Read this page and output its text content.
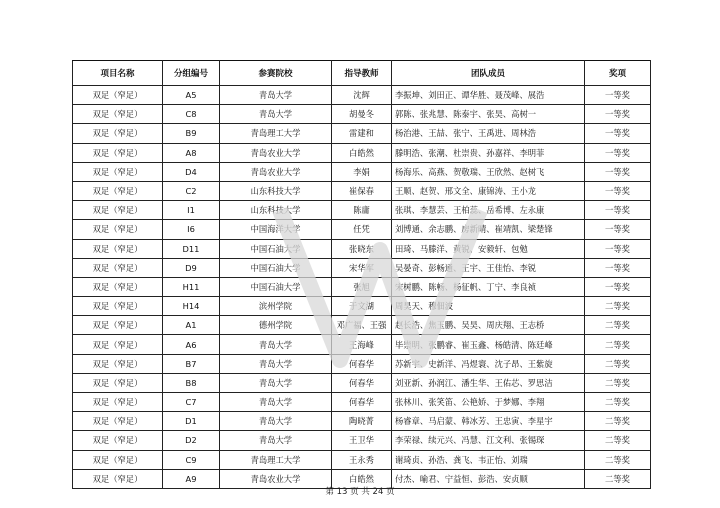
项目名称	分组编号	参赛院校	指导教师	团队成员	奖项
双足（窄足）	A5	青岛大学	沈辉	李振坤、刘田正、谭华胜、聂茂峰、展浩	一等奖
双足（窄足）	C8	青岛大学	胡曼冬	郭陈、张兆慧、陈泰宇、张昊、高树一	一等奖
双足（窄足）	B9	青岛理工大学	雷建和	杨治港、王喆、张宁、王禹进、周林浩	一等奖
双足（窄足）	A8	青岛农业大学	白皓然	滕明浩、张潮、杜崇贵、孙嘉祥、李明菲	一等奖
双足（窄足）	D4	青岛农业大学	李娟	杨海乐、高燕、贺敬瑞、王欣然、赵树飞	一等奖
双足（窄足）	C2	山东科技大学	崔保春	王顺、赵贺、邢文全、康锦涛、王小龙	一等奖
双足（窄足）	I1	山东科技大学	陈庸	张琪、李慧芸、王柏蕊、岳希博、左永康	一等奖
双足（窄足）	I6	中国海洋大学	任凭	刘博通、余志鹏、房新晴、崔靖凯、梁楚锋	一等奖
双足（窄足）	D11	中国石油大学	张晓东	田琦、马滕洋、黄锐、安毅轩、包勉	一等奖
双足（窄足）	D9	中国石油大学	宋华军	吴晏奇、彭畅通、王宇、王佳怡、李锐	一等奖
双足（窄足）	H11	中国石油大学	张旭	宋树鹏、陈畅、杨征帆、丁宁、李良祯	一等奖
双足（窄足）	H14	滨州学院	于文湖	周昊天、穆佃波	二等奖
双足（窄足）	A1	德州学院	邓广福、王强	赵长浩、焦玉鹏、吴昊、周庆翔、王志桥	二等奖
双足（窄足）	A6	青岛大学	王海峰	毕崇明、张鹏睿、崔玉鑫、杨皓清、陈廷峰	二等奖
双足（窄足）	B7	青岛大学	何春华	苏新宇、史新洋、冯煜寰、沈子昂、王紫旋	二等奖
双足（窄足）	B8	青岛大学	何春华	刘亚新、孙润江、潘生华、王佑芯、罗思洁	二等奖
双足（窄足）	C7	青岛大学	何春华	张林川、张笑笛、公艳娇、于梦娜、李翔	二等奖
双足（窄足）	D1	青岛大学	陶晓菁	杨睿章、马启蒙、韩冰芳、王忠寅、李星宇	二等奖
双足（窄足）	D2	青岛大学	王卫华	李荣禄、续元兴、冯慧、江文利、张锡琛	二等奖
双足（窄足）	C9	青岛理工大学	王永秀	谢琦贞、孙浩、龚飞、韦正怡、刘瑞	二等奖
双足（窄足）	A9	青岛农业大学	白皓然	付杰、喻君、宁益恒、彭浩、安贞顺	二等奖
第 13 页 共 24 页
